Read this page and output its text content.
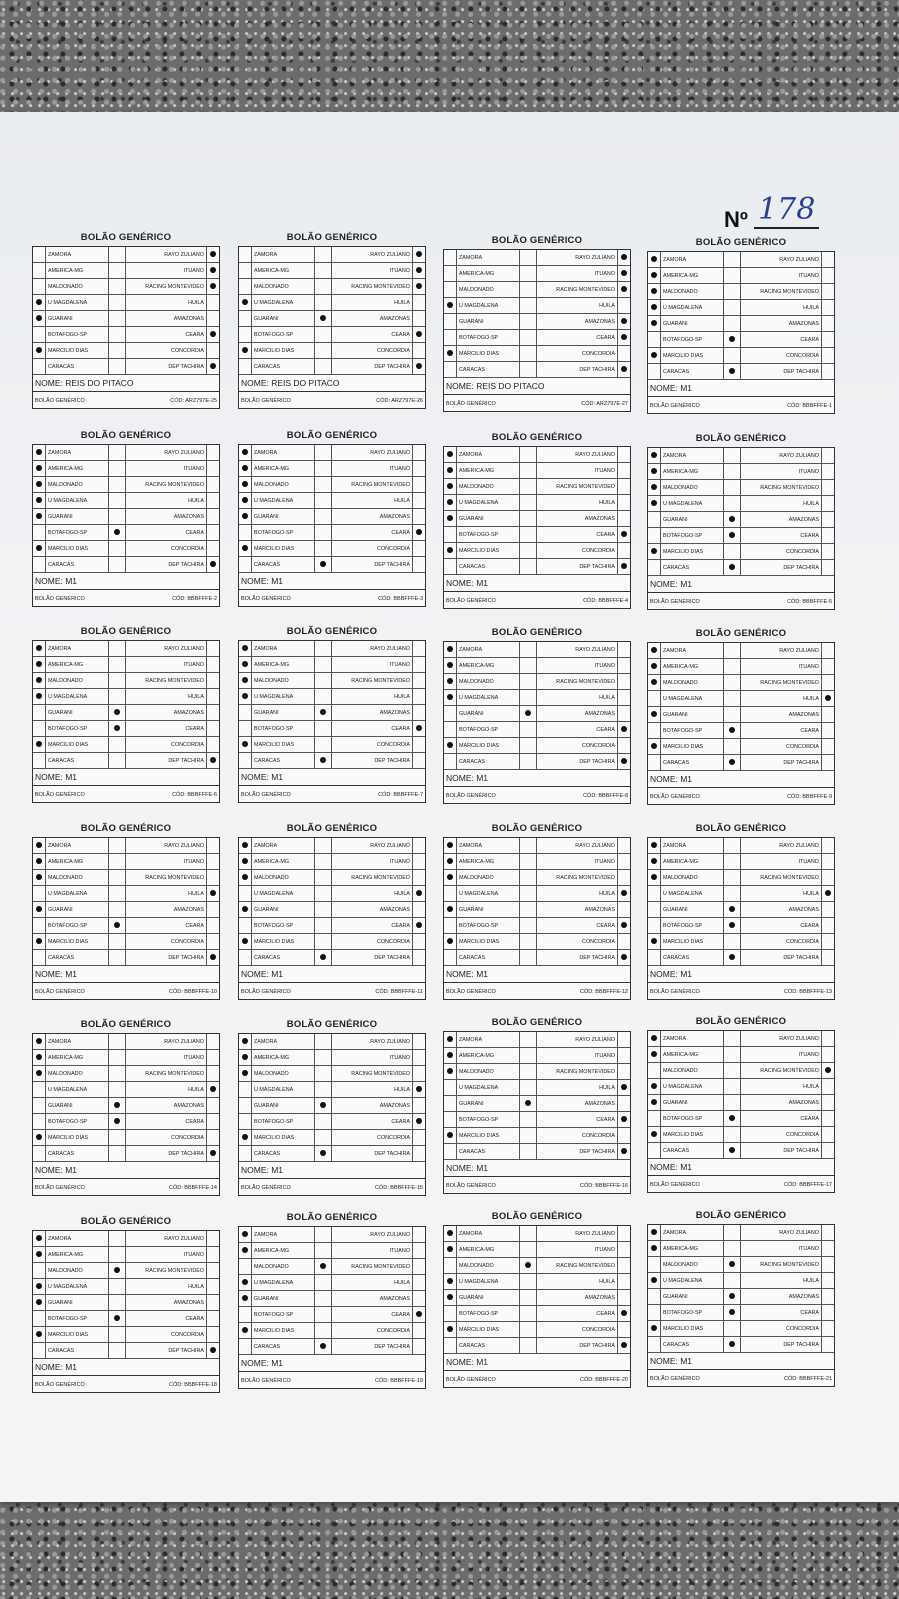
Nº 178
BOLÃO GENÉRICO
	ZAMORA		RAYO ZULIANO	
	AMERICA-MG		ITUANO	
	MALDONADO		RACING MONTEVIDEO	
	U MAGDALENA		HUILA	
	GUARANI		AMAZONAS	
	BOTAFOGO-SP		CEARA	
	MARCILIO DIAS		CONCORDIA	
	CARACAS		DEP TACHIRA	
NOME: REIS DO PITACO
BOLÃO GENÉRICO	CÓD: ARZ797E-25
BOLÃO GENÉRICO
	ZAMORA		RAYO ZULIANO	
	AMERICA-MG		ITUANO	
	MALDONADO		RACING MONTEVIDEO	
	U MAGDALENA		HUILA	
	GUARANI		AMAZONAS	
	BOTAFOGO-SP		CEARA	
	MARCILIO DIAS		CONCORDIA	
	CARACAS		DEP TACHIRA	
NOME: REIS DO PITACO
BOLÃO GENÉRICO	CÓD: ARZ797E-26
BOLÃO GENÉRICO
	ZAMORA		RAYO ZULIANO	
	AMERICA-MG		ITUANO	
	MALDONADO		RACING MONTEVIDEO	
	U MAGDALENA		HUILA	
	GUARANI		AMAZONAS	
	BOTAFOGO-SP		CEARA	
	MARCILIO DIAS		CONCORDIA	
	CARACAS		DEP TACHIRA	
NOME: REIS DO PITACO
BOLÃO GENÉRICO	CÓD: ARZ797E-27
BOLÃO GENÉRICO
	ZAMORA		RAYO ZULIANO	
	AMERICA-MG		ITUANO	
	MALDONADO		RACING MONTEVIDEO	
	U MAGDALENA		HUILA	
	GUARANI		AMAZONAS	
	BOTAFOGO-SP		CEARA	
	MARCILIO DIAS		CONCORDIA	
	CARACAS		DEP TACHIRA	
NOME: M1
BOLÃO GENÉRICO	CÓD: BBBFFFE-1
BOLÃO GENÉRICO
	ZAMORA		RAYO ZULIANO	
	AMERICA-MG		ITUANO	
	MALDONADO		RACING MONTEVIDEO	
	U MAGDALENA		HUILA	
	GUARANI		AMAZONAS	
	BOTAFOGO-SP		CEARA	
	MARCILIO DIAS		CONCORDIA	
	CARACAS		DEP TACHIRA	
NOME: M1
BOLÃO GENÉRICO	CÓD: BBBFFFE-2
BOLÃO GENÉRICO
	ZAMORA		RAYO ZULIANO	
	AMERICA-MG		ITUANO	
	MALDONADO		RACING MONTEVIDEO	
	U MAGDALENA		HUILA	
	GUARANI		AMAZONAS	
	BOTAFOGO-SP		CEARA	
	MARCILIO DIAS		CONCORDIA	
	CARACAS		DEP TACHIRA	
NOME: M1
BOLÃO GENÉRICO	CÓD: BBBFFFE-3
BOLÃO GENÉRICO
	ZAMORA		RAYO ZULIANO	
	AMERICA-MG		ITUANO	
	MALDONADO		RACING MONTEVIDEO	
	U MAGDALENA		HUILA	
	GUARANI		AMAZONAS	
	BOTAFOGO-SP		CEARA	
	MARCILIO DIAS		CONCORDIA	
	CARACAS		DEP TACHIRA	
NOME: M1
BOLÃO GENÉRICO	CÓD: BBBFFFE-4
BOLÃO GENÉRICO
	ZAMORA		RAYO ZULIANO	
	AMERICA-MG		ITUANO	
	MALDONADO		RACING MONTEVIDEO	
	U MAGDALENA		HUILA	
	GUARANI		AMAZONAS	
	BOTAFOGO-SP		CEARA	
	MARCILIO DIAS		CONCORDIA	
	CARACAS		DEP TACHIRA	
NOME: M1
BOLÃO GENÉRICO	CÓD: BBBFFFE-5
BOLÃO GENÉRICO
	ZAMORA		RAYO ZULIANO	
	AMERICA-MG		ITUANO	
	MALDONADO		RACING MONTEVIDEO	
	U MAGDALENA		HUILA	
	GUARANI		AMAZONAS	
	BOTAFOGO-SP		CEARA	
	MARCILIO DIAS		CONCORDIA	
	CARACAS		DEP TACHIRA	
NOME: M1
BOLÃO GENÉRICO	CÓD: BBBFFFE-6
BOLÃO GENÉRICO
	ZAMORA		RAYO ZULIANO	
	AMERICA-MG		ITUANO	
	MALDONADO		RACING MONTEVIDEO	
	U MAGDALENA		HUILA	
	GUARANI		AMAZONAS	
	BOTAFOGO-SP		CEARA	
	MARCILIO DIAS		CONCORDIA	
	CARACAS		DEP TACHIRA	
NOME: M1
BOLÃO GENÉRICO	CÓD: BBBFFFE-7
BOLÃO GENÉRICO
	ZAMORA		RAYO ZULIANO	
	AMERICA-MG		ITUANO	
	MALDONADO		RACING MONTEVIDEO	
	U MAGDALENA		HUILA	
	GUARANI		AMAZONAS	
	BOTAFOGO-SP		CEARA	
	MARCILIO DIAS		CONCORDIA	
	CARACAS		DEP TACHIRA	
NOME: M1
BOLÃO GENÉRICO	CÓD: BBBFFFE-8
BOLÃO GENÉRICO
	ZAMORA		RAYO ZULIANO	
	AMERICA-MG		ITUANO	
	MALDONADO		RACING MONTEVIDEO	
	U MAGDALENA		HUILA	
	GUARANI		AMAZONAS	
	BOTAFOGO-SP		CEARA	
	MARCILIO DIAS		CONCORDIA	
	CARACAS		DEP TACHIRA	
NOME: M1
BOLÃO GENÉRICO	CÓD: BBBFFFE-9
BOLÃO GENÉRICO
	ZAMORA		RAYO ZULIANO	
	AMERICA-MG		ITUANO	
	MALDONADO		RACING MONTEVIDEO	
	U MAGDALENA		HUILA	
	GUARANI		AMAZONAS	
	BOTAFOGO-SP		CEARA	
	MARCILIO DIAS		CONCORDIA	
	CARACAS		DEP TACHIRA	
NOME: M1
BOLÃO GENÉRICO	CÓD: BBBFFFE-10
BOLÃO GENÉRICO
	ZAMORA		RAYO ZULIANO	
	AMERICA-MG		ITUANO	
	MALDONADO		RACING MONTEVIDEO	
	U MAGDALENA		HUILA	
	GUARANI		AMAZONAS	
	BOTAFOGO-SP		CEARA	
	MARCILIO DIAS		CONCORDIA	
	CARACAS		DEP TACHIRA	
NOME: M1
BOLÃO GENÉRICO	CÓD: BBBFFFE-11
BOLÃO GENÉRICO
	ZAMORA		RAYO ZULIANO	
	AMERICA-MG		ITUANO	
	MALDONADO		RACING MONTEVIDEO	
	U MAGDALENA		HUILA	
	GUARANI		AMAZONAS	
	BOTAFOGO-SP		CEARA	
	MARCILIO DIAS		CONCORDIA	
	CARACAS		DEP TACHIRA	
NOME: M1
BOLÃO GENÉRICO	CÓD: BBBFFFE-12
BOLÃO GENÉRICO
	ZAMORA		RAYO ZULIANO	
	AMERICA-MG		ITUANO	
	MALDONADO		RACING MONTEVIDEO	
	U MAGDALENA		HUILA	
	GUARANI		AMAZONAS	
	BOTAFOGO-SP		CEARA	
	MARCILIO DIAS		CONCORDIA	
	CARACAS		DEP TACHIRA	
NOME: M1
BOLÃO GENÉRICO	CÓD: BBBFFFE-13
BOLÃO GENÉRICO
	ZAMORA		RAYO ZULIANO	
	AMERICA-MG		ITUANO	
	MALDONADO		RACING MONTEVIDEO	
	U MAGDALENA		HUILA	
	GUARANI		AMAZONAS	
	BOTAFOGO-SP		CEARA	
	MARCILIO DIAS		CONCORDIA	
	CARACAS		DEP TACHIRA	
NOME: M1
BOLÃO GENÉRICO	CÓD: BBBFFFE-14
BOLÃO GENÉRICO
	ZAMORA		RAYO ZULIANO	
	AMERICA-MG		ITUANO	
	MALDONADO		RACING MONTEVIDEO	
	U MAGDALENA		HUILA	
	GUARANI		AMAZONAS	
	BOTAFOGO-SP		CEARA	
	MARCILIO DIAS		CONCORDIA	
	CARACAS		DEP TACHIRA	
NOME: M1
BOLÃO GENÉRICO	CÓD: BBBFFFE-15
BOLÃO GENÉRICO
	ZAMORA		RAYO ZULIANO	
	AMERICA-MG		ITUANO	
	MALDONADO		RACING MONTEVIDEO	
	U MAGDALENA		HUILA	
	GUARANI		AMAZONAS	
	BOTAFOGO-SP		CEARA	
	MARCILIO DIAS		CONCORDIA	
	CARACAS		DEP TACHIRA	
NOME: M1
BOLÃO GENÉRICO	CÓD: BBBFFFE-16
BOLÃO GENÉRICO
	ZAMORA		RAYO ZULIANO	
	AMERICA-MG		ITUANO	
	MALDONADO		RACING MONTEVIDEO	
	U MAGDALENA		HUILA	
	GUARANI		AMAZONAS	
	BOTAFOGO-SP		CEARA	
	MARCILIO DIAS		CONCORDIA	
	CARACAS		DEP TACHIRA	
NOME: M1
BOLÃO GENÉRICO	CÓD: BBBFFFE-17
BOLÃO GENÉRICO
	ZAMORA		RAYO ZULIANO	
	AMERICA-MG		ITUANO	
	MALDONADO		RACING MONTEVIDEO	
	U MAGDALENA		HUILA	
	GUARANI		AMAZONAS	
	BOTAFOGO-SP		CEARA	
	MARCILIO DIAS		CONCORDIA	
	CARACAS		DEP TACHIRA	
NOME: M1
BOLÃO GENÉRICO	CÓD: BBBFFFE-18
BOLÃO GENÉRICO
	ZAMORA		RAYO ZULIANO	
	AMERICA-MG		ITUANO	
	MALDONADO		RACING MONTEVIDEO	
	U MAGDALENA		HUILA	
	GUARANI		AMAZONAS	
	BOTAFOGO-SP		CEARA	
	MARCILIO DIAS		CONCORDIA	
	CARACAS		DEP TACHIRA	
NOME: M1
BOLÃO GENÉRICO	CÓD: BBBFFFE-19
BOLÃO GENÉRICO
	ZAMORA		RAYO ZULIANO	
	AMERICA-MG		ITUANO	
	MALDONADO		RACING MONTEVIDEO	
	U MAGDALENA		HUILA	
	GUARANI		AMAZONAS	
	BOTAFOGO-SP		CEARA	
	MARCILIO DIAS		CONCORDIA	
	CARACAS		DEP TACHIRA	
NOME: M1
BOLÃO GENÉRICO	CÓD: BBBFFFE-20
BOLÃO GENÉRICO
	ZAMORA		RAYO ZULIANO	
	AMERICA-MG		ITUANO	
	MALDONADO		RACING MONTEVIDEO	
	U MAGDALENA		HUILA	
	GUARANI		AMAZONAS	
	BOTAFOGO-SP		CEARA	
	MARCILIO DIAS		CONCORDIA	
	CARACAS		DEP TACHIRA	
NOME: M1
BOLÃO GENÉRICO	CÓD: BBBFFFE-21
